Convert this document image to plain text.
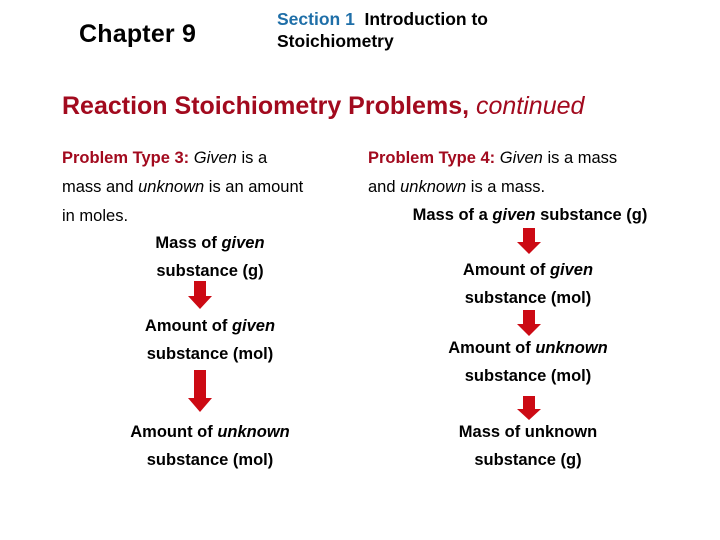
Chapter 9
Section 1 Introduction to
Stoichiometry
Reaction Stoichiometry Problems, continued
Problem Type 3: Given is a
mass and unknown is an amount
in moles.
Mass of given
substance (g)
Amount of given
substance (mol)
Amount of unknown
substance (mol)
Problem Type 4: Given is a mass
and unknown is a mass.
Mass of a given substance (g)
Amount of given
substance (mol)
Amount of unknown
substance (mol)
Mass of unknown
substance (g)
